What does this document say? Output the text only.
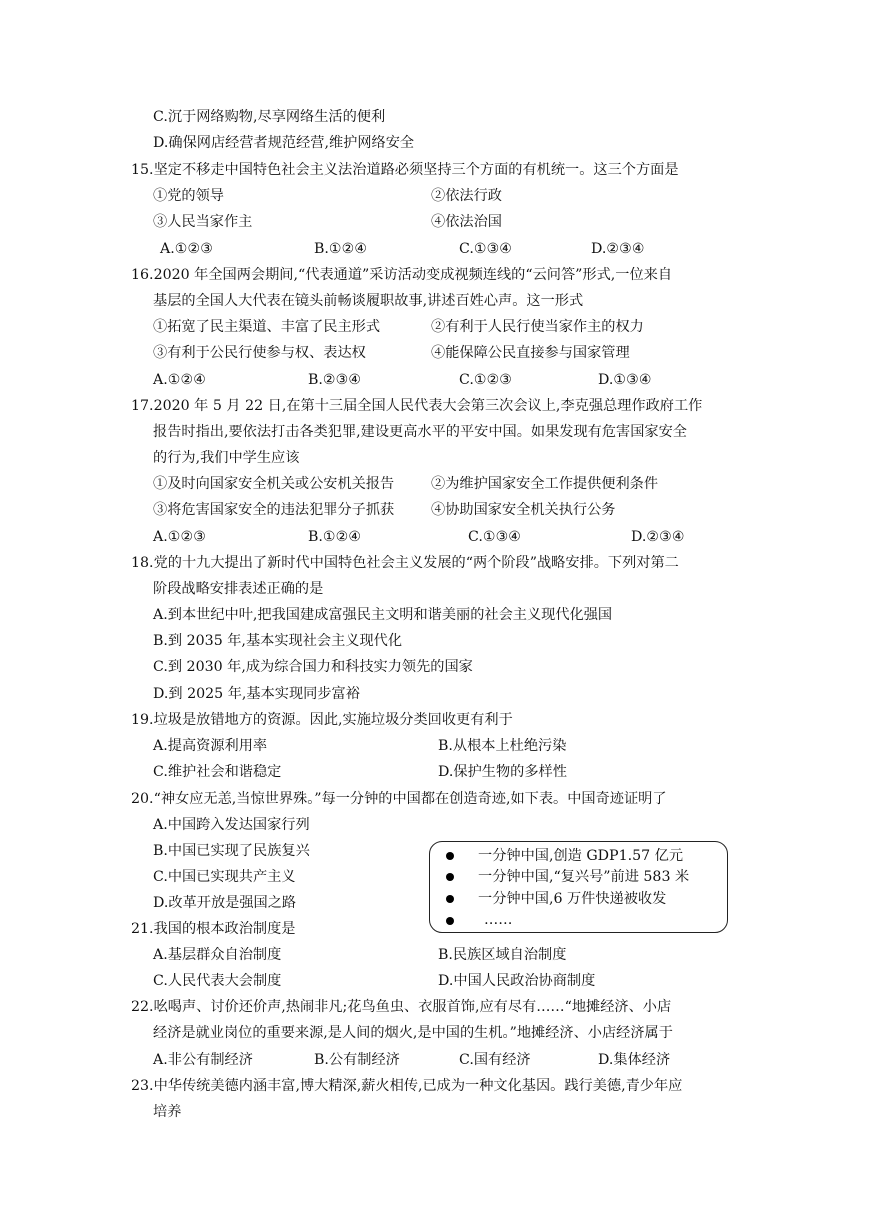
C.沉于网络购物,尽享网络生活的便利
D.确保网店经营者规范经营,维护网络安全
15.坚定不移走中国特色社会主义法治道路必须坚持三个方面的有机统一。这三个方面是
①党的领导	②依法行政
③人民当家作主	④依法治国
A.①②③	B.①②④	C.①③④	D.②③④
16.2020 年全国两会期间,“代表通道”采访活动变成视频连线的“云问答”形式,一位来自
基层的全国人大代表在镜头前畅谈履职故事,讲述百姓心声。这一形式
①拓宽了民主渠道、丰富了民主形式	②有利于人民行使当家作主的权力
③有利于公民行使参与权、表达权	④能保障公民直接参与国家管理
A.①②④	B.②③④	C.①②③	D.①③④
17.2020 年 5 月 22 日,在第十三届全国人民代表大会第三次会议上,李克强总理作政府工作
报告时指出,要依法打击各类犯罪,建设更高水平的平安中国。如果发现有危害国家安全
的行为,我们中学生应该
①及时向国家安全机关或公安机关报告	②为维护国家安全工作提供便利条件
③将危害国家安全的违法犯罪分子抓获	④协助国家安全机关执行公务
A.①②③	B.①②④	C.①③④	D.②③④
18.党的十九大提出了新时代中国特色社会主义发展的“两个阶段”战略安排。下列对第二
阶段战略安排表述正确的是
A.到本世纪中叶,把我国建成富强民主文明和谐美丽的社会主义现代化强国
B.到 2035 年,基本实现社会主义现代化
C.到 2030 年,成为综合国力和科技实力领先的国家
D.到 2025 年,基本实现同步富裕
19.垃圾是放错地方的资源。因此,实施垃圾分类回收更有利于
A.提高资源利用率	B.从根本上杜绝污染
C.维护社会和谐稳定	D.保护生物的多样性
20.“神女应无恙,当惊世界殊。”每一分钟的中国都在创造奇迹,如下表。中国奇迹证明了
A.中国跨入发达国家行列
B.中国已实现了民族复兴
C.中国已实现共产主义
D.改革开放是强国之路
一分钟中国,创造 GDP1.57 亿元
一分钟中国,“复兴号”前进 583 米
一分钟中国,6 万件快递被收发
……
21.我国的根本政治制度是
A.基层群众自治制度	B.民族区域自治制度
C.人民代表大会制度	D.中国人民政治协商制度
22.吆喝声、讨价还价声,热闹非凡;花鸟鱼虫、衣服首饰,应有尽有……“地摊经济、小店
经济是就业岗位的重要来源,是人间的烟火,是中国的生机。”地摊经济、小店经济属于
A.非公有制经济	B.公有制经济	C.国有经济	D.集体经济
23.中华传统美德内涵丰富,博大精深,薪火相传,已成为一种文化基因。践行美德,青少年应
培养
